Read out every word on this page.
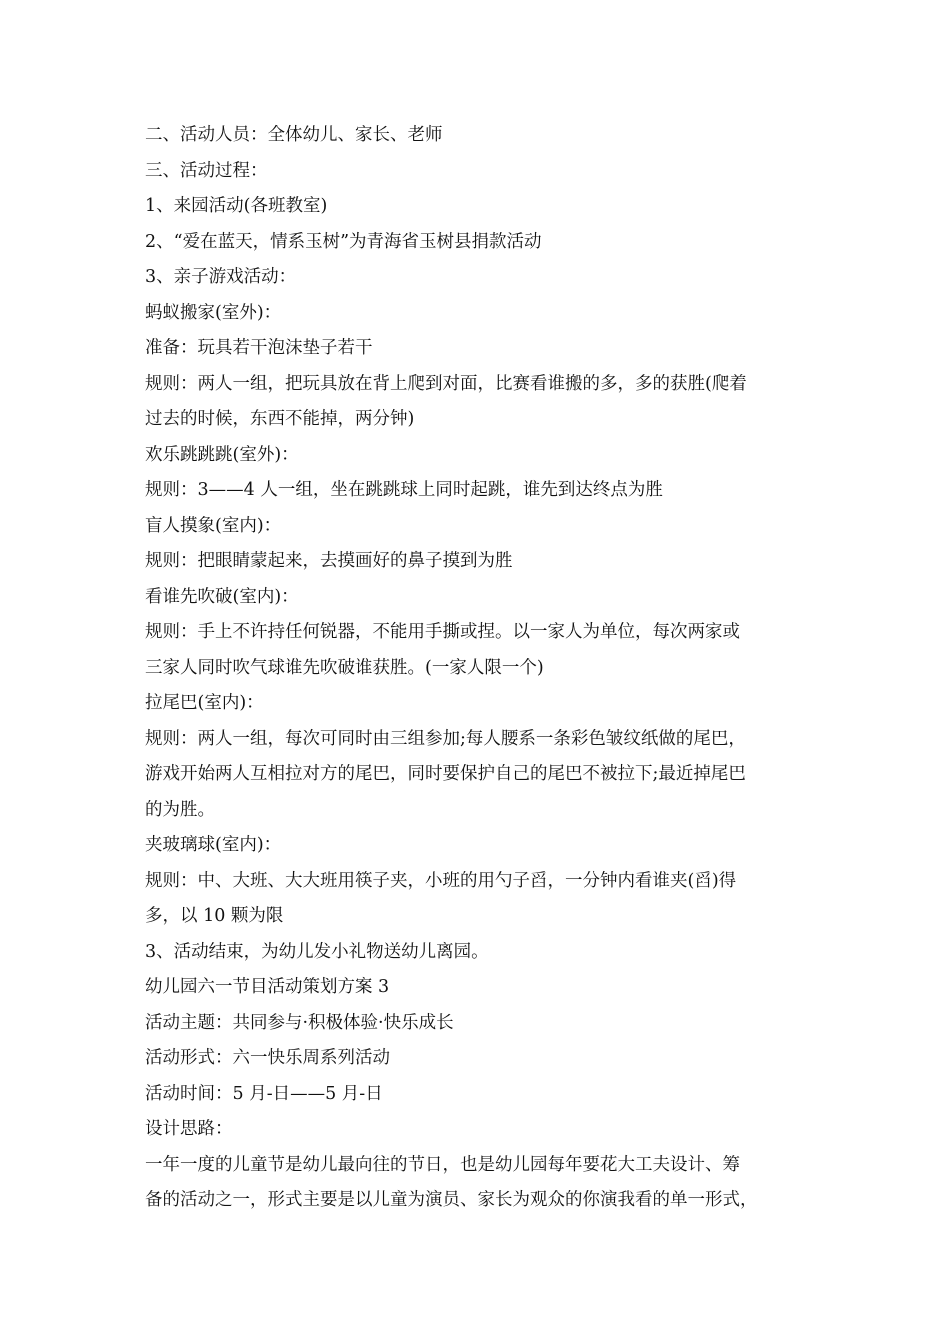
二、活动人员：全体幼儿、家长、老师
三、活动过程：
1、来园活动(各班教室)
2、“爱在蓝天，情系玉树”为青海省玉树县捐款活动
3、亲子游戏活动：
蚂蚁搬家(室外)：
准备：玩具若干泡沫垫子若干
规则：两人一组，把玩具放在背上爬到对面，比赛看谁搬的多，多的获胜(爬着
过去的时候，东西不能掉，两分钟)
欢乐跳跳跳(室外)：
规则：3——4 人一组，坐在跳跳球上同时起跳，谁先到达终点为胜
盲人摸象(室内)：
规则：把眼睛蒙起来，去摸画好的鼻子摸到为胜
看谁先吹破(室内)：
规则：手上不许持任何锐器，不能用手撕或捏。以一家人为单位，每次两家或
三家人同时吹气球谁先吹破谁获胜。(一家人限一个)
拉尾巴(室内)：
规则：两人一组，每次可同时由三组参加;每人腰系一条彩色皱纹纸做的尾巴，
游戏开始两人互相拉对方的尾巴，同时要保护自己的尾巴不被拉下;最近掉尾巴
的为胜。
夹玻璃球(室内)：
规则：中、大班、大大班用筷子夹，小班的用勺子舀，一分钟内看谁夹(舀)得
多，以 10 颗为限
3、活动结束，为幼儿发小礼物送幼儿离园。
幼儿园六一节目活动策划方案 3
活动主题：共同参与·积极体验·快乐成长
活动形式：六一快乐周系列活动
活动时间：5 月-日——5 月-日
设计思路：
一年一度的儿童节是幼儿最向往的节日，也是幼儿园每年要花大工夫设计、筹
备的活动之一，形式主要是以儿童为演员、家长为观众的你演我看的单一形式，
